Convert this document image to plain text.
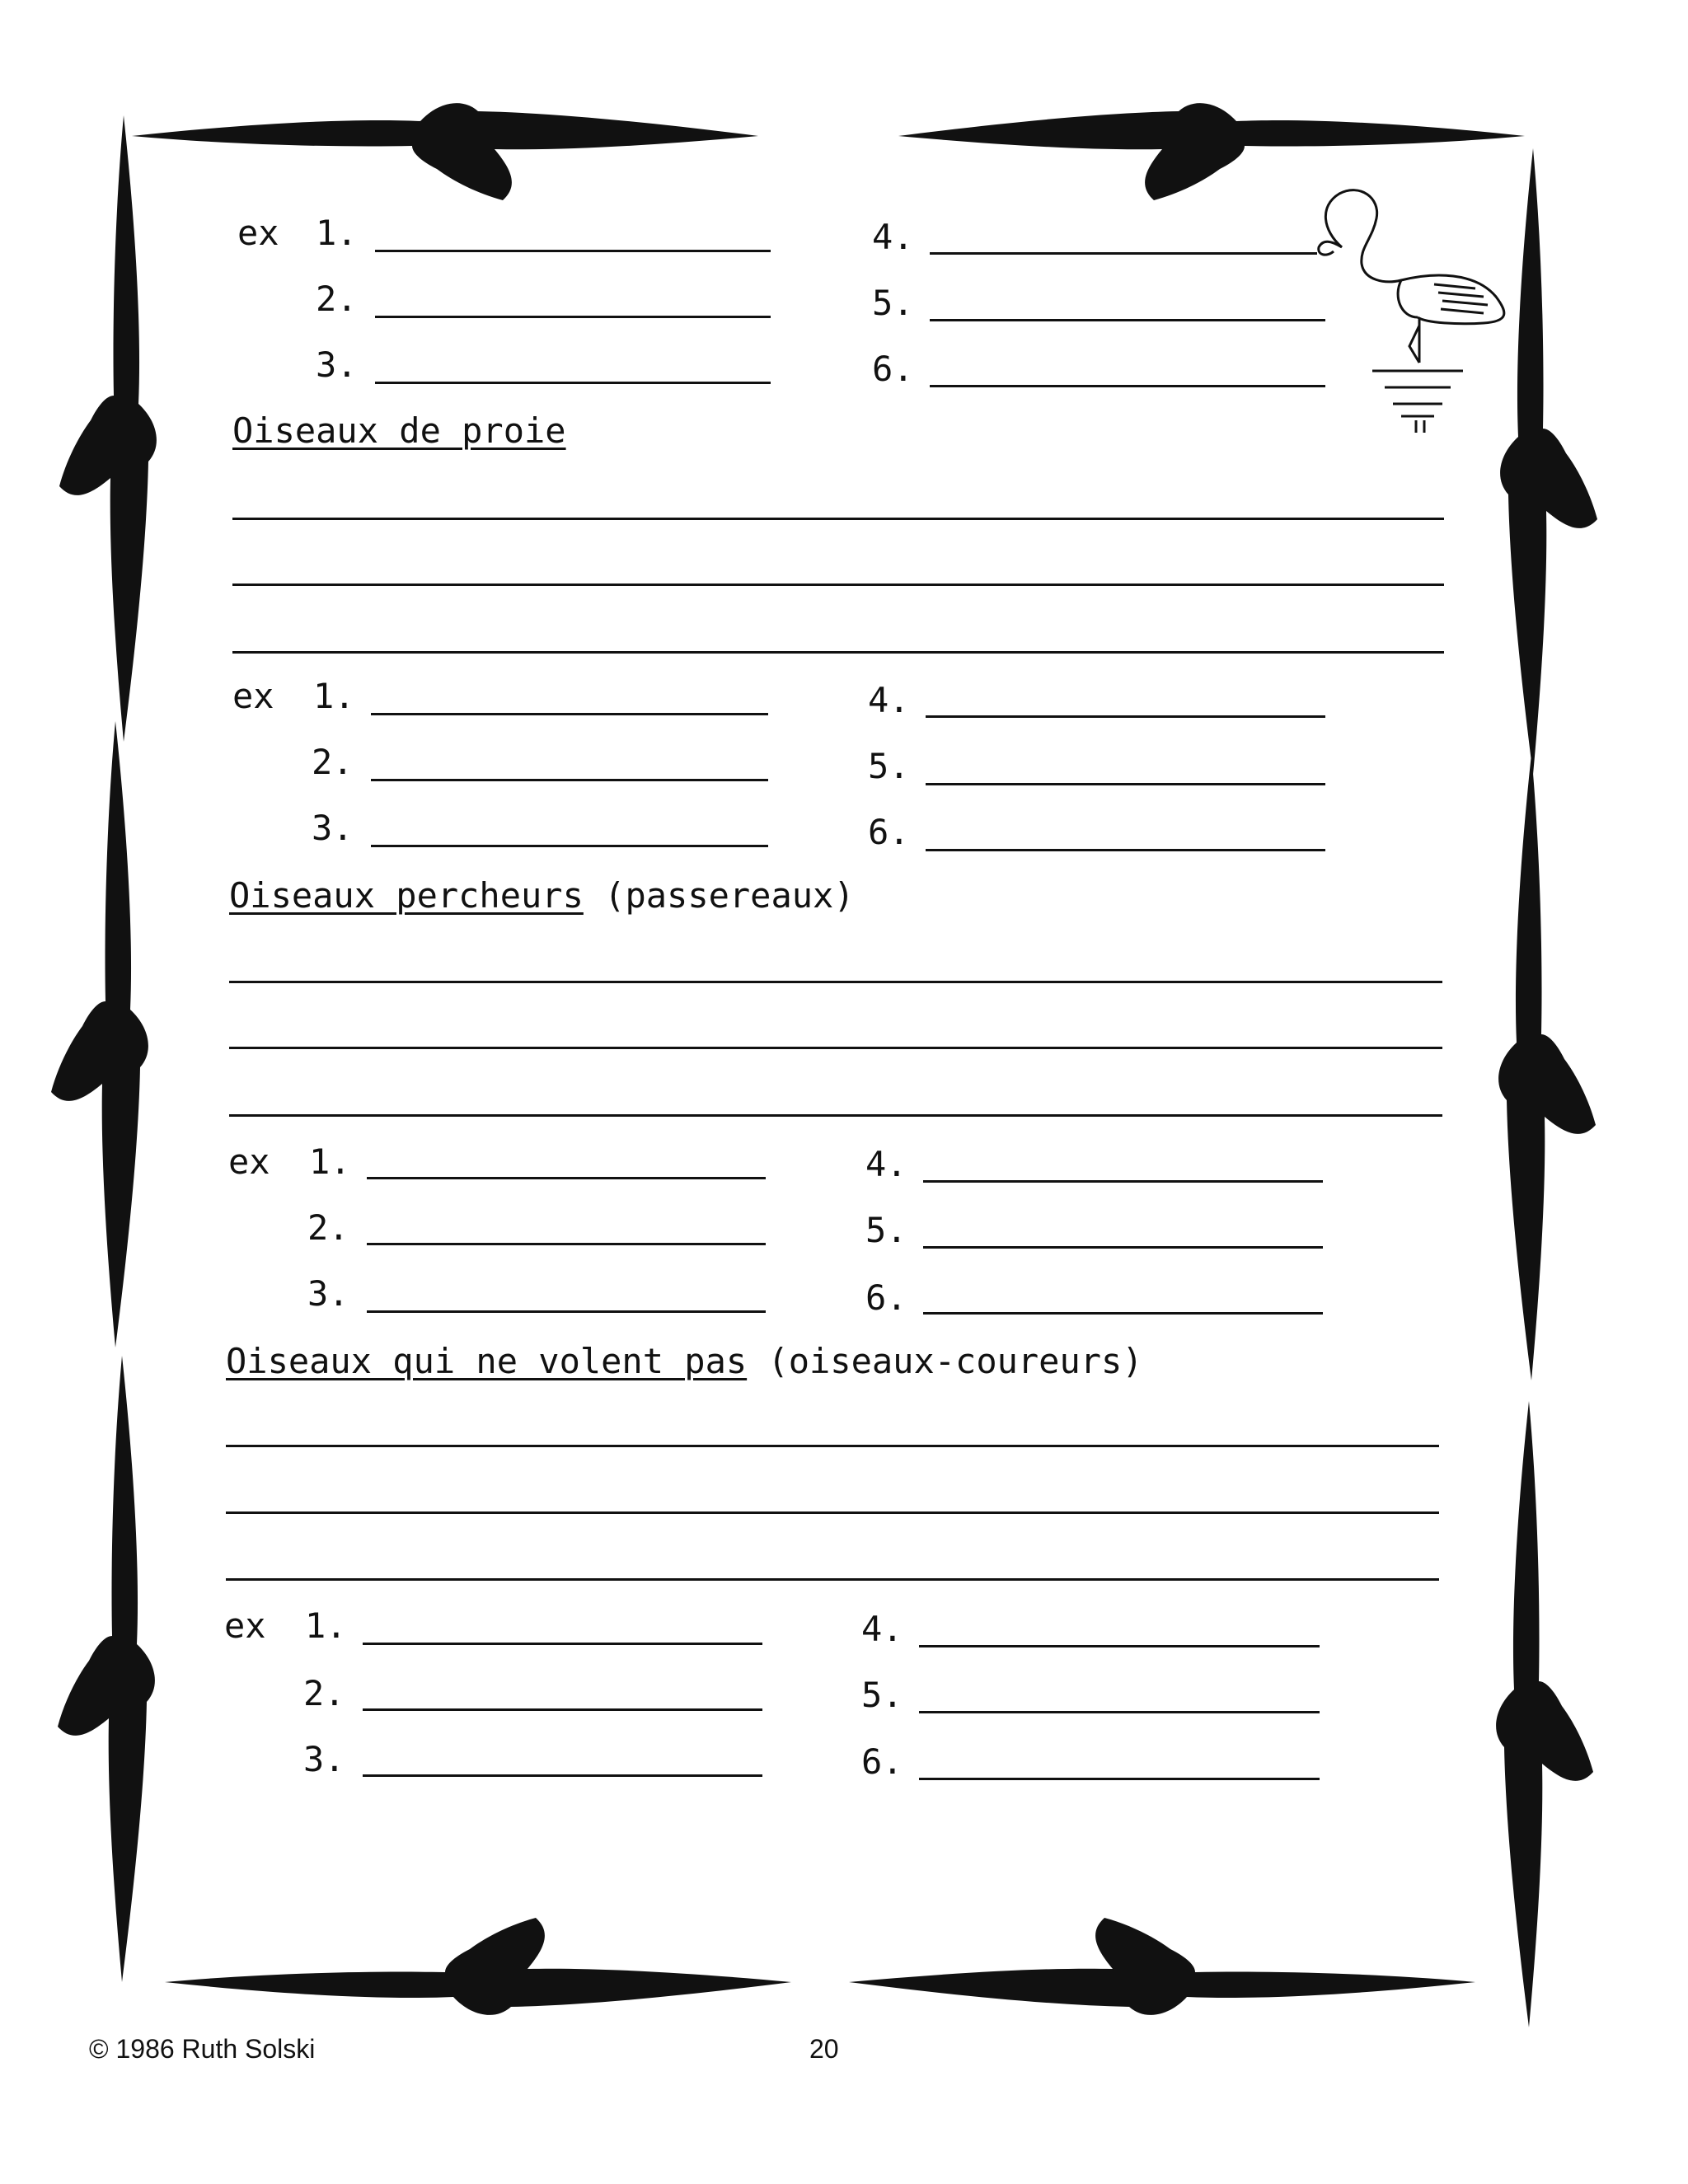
ex 1.
2.
3.
4.
5.
6.
Oiseaux de proie
ex 1.
2.
3.
4.
5.
6.
Oiseaux percheurs (passereaux)
ex 1.
2.
3.
4.
5.
6.
Oiseaux qui ne volent pas (oiseaux-coureurs)
ex 1.
2.
3.
4.
5.
6.
© 1986 Ruth Solski	20
